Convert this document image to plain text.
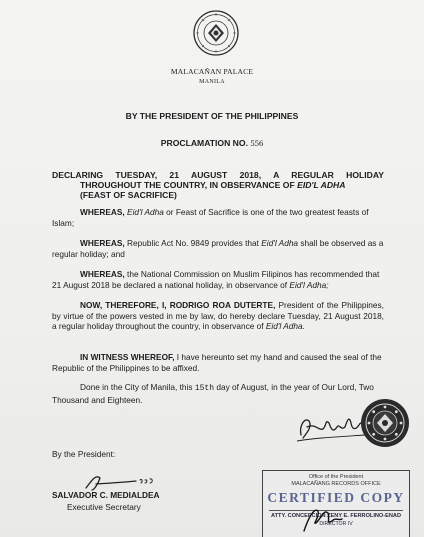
MALACAÑAN PALACE
MANILA
BY THE PRESIDENT OF THE PHILIPPINES
PROCLAMATION NO. 556
DECLARING TUESDAY, 21 AUGUST 2018, A REGULAR HOLIDAY
THROUGHOUT THE COUNTRY, IN OBSERVANCE OF EID'L ADHA
(FEAST OF SACRIFICE)
WHEREAS, Eid'l Adha or Feast of Sacrifice is one of the two greatest feasts of Islam;
WHEREAS, Republic Act No. 9849 provides that Eid'l Adha shall be observed as a regular holiday; and
WHEREAS, the National Commission on Muslim Filipinos has recommended that 21 August 2018 be declared a national holiday, in observance of Eid'l Adha;
NOW, THEREFORE, I, RODRIGO ROA DUTERTE, President of the Philippines, by virtue of the powers vested in me by law, do hereby declare Tuesday, 21 August 2018, a regular holiday throughout the country, in observance of Eid'l Adha.
IN WITNESS WHEREOF, I have hereunto set my hand and caused the seal of the Republic of the Philippines to be affixed.
Done in the City of Manila, this 15th day of August, in the year of Our Lord, Two Thousand and Eighteen.
By the President:
SALVADOR C. MEDIALDEA
Executive Secretary
Office of the President
MALACAÑANG RECORDS OFFICE
CERTIFIED COPY
ATTY. CONCEPCION ZENY E. FERROLINO-ENAD
DIRECTOR IV
